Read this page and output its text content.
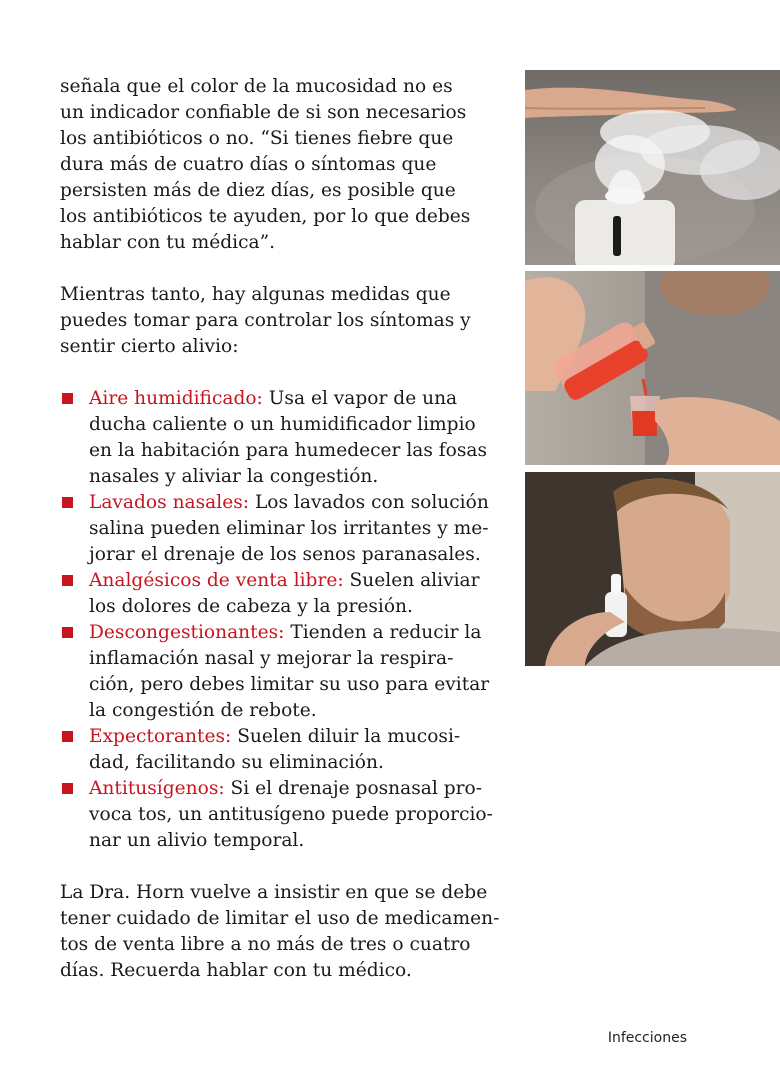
señala que el color de la mucosidad no es
un indicador confiable de si son necesarios
los antibióticos o no. “Si tienes fiebre que
dura más de cuatro días o síntomas que
persisten más de diez días, es posible que
los antibióticos te ayuden, por lo que debes
hablar con tu médica”.

Mientras tanto, hay algunas medidas que
puedes tomar para controlar los síntomas y
sentir cierto alivio:

Aire humidificado: Usa el vapor de una
ducha caliente o un humidificador limpio
en la habitación para humedecer las fosas
nasales y aliviar la congestión.
Lavados nasales: Los lavados con solución
salina pueden eliminar los irritantes y me-
jorar el drenaje de los senos paranasales.
Analgésicos de venta libre: Suelen aliviar
los dolores de cabeza y la presión.
Descongestionantes: Tienden a reducir la
inflamación nasal y mejorar la respira-
ción, pero debes limitar su uso para evitar
la congestión de rebote.
Expectorantes: Suelen diluir la mucosi-
dad, facilitando su eliminación.
Antitusígenos: Si el drenaje posnasal pro-
voca tos, un antitusígeno puede proporcio-
nar un alivio temporal.

La Dra. Horn vuelve a insistir en que se debe
tener cuidado de limitar el uso de medicamen-
tos de venta libre a no más de tres o cuatro
días. Recuerda hablar con tu médico.

Infecciones
